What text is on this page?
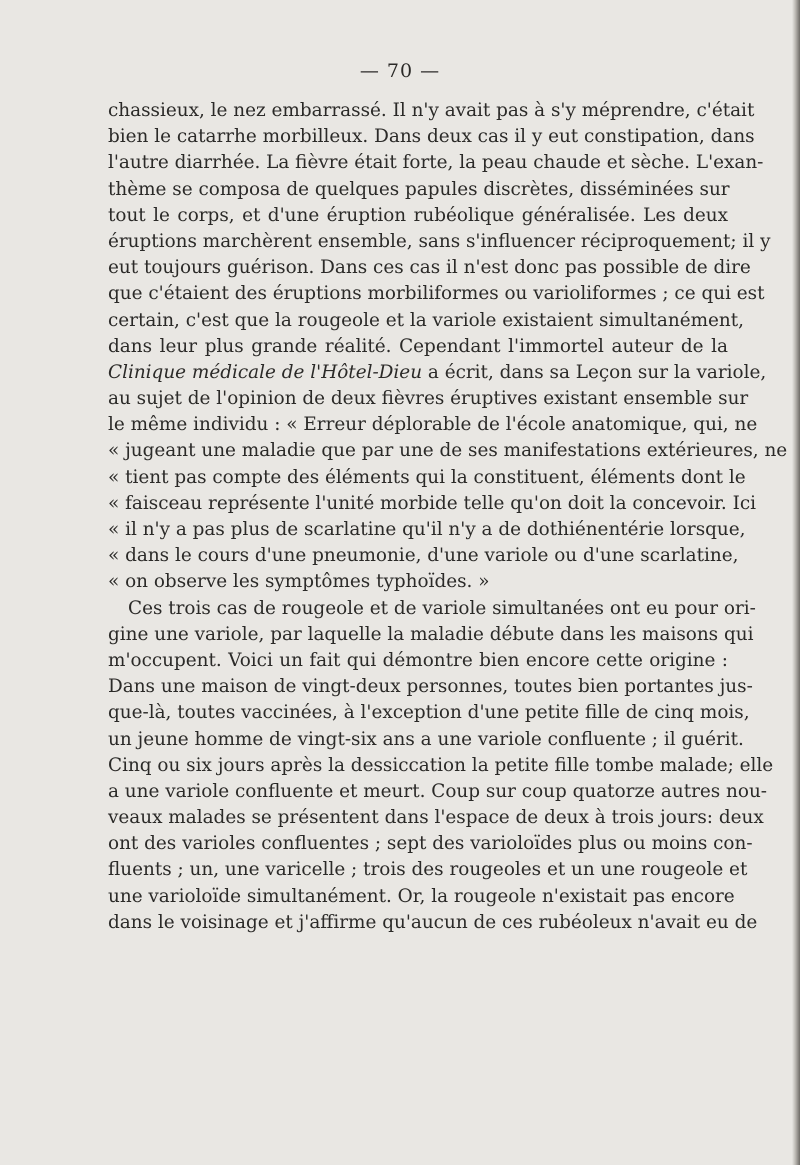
— 70 —
chassieux, le nez embarrassé. Il n'y avait pas à s'y méprendre, c'était
bien le catarrhe morbilleux. Dans deux cas il y eut constipation, dans
l'autre diarrhée. La fièvre était forte, la peau chaude et sèche. L'exan-
thème se composa de quelques papules discrètes, disséminées sur
tout le corps, et d'une éruption rubéolique généralisée. Les deux
éruptions marchèrent ensemble, sans s'influencer réciproquement; il y
eut toujours guérison. Dans ces cas il n'est donc pas possible de dire
que c'étaient des éruptions morbiliformes ou varioliformes ; ce qui est
certain, c'est que la rougeole et la variole existaient simultanément,
dans leur plus grande réalité. Cependant l'immortel auteur de la
Clinique médicale de l'Hôtel-Dieu a écrit, dans sa Leçon sur la variole,
au sujet de l'opinion de deux fièvres éruptives existant ensemble sur
le même individu : « Erreur déplorable de l'école anatomique, qui, ne
« jugeant une maladie que par une de ses manifestations extérieures, ne
« tient pas compte des éléments qui la constituent, éléments dont le
« faisceau représente l'unité morbide telle qu'on doit la concevoir. Ici
« il n'y a pas plus de scarlatine qu'il n'y a de dothiénentérie lorsque,
« dans le cours d'une pneumonie, d'une variole ou d'une scarlatine,
« on observe les symptômes typhoïdes. »
Ces trois cas de rougeole et de variole simultanées ont eu pour ori-
gine une variole, par laquelle la maladie débute dans les maisons qui
m'occupent. Voici un fait qui démontre bien encore cette origine :
Dans une maison de vingt-deux personnes, toutes bien portantes jus-
que-là, toutes vaccinées, à l'exception d'une petite fille de cinq mois,
un jeune homme de vingt-six ans a une variole confluente ; il guérit.
Cinq ou six jours après la dessiccation la petite fille tombe malade; elle
a une variole confluente et meurt. Coup sur coup quatorze autres nou-
veaux malades se présentent dans l'espace de deux à trois jours: deux
ont des varioles confluentes ; sept des varioloïdes plus ou moins con-
fluents ; un, une varicelle ; trois des rougeoles et un une rougeole et
une varioloïde simultanément. Or, la rougeole n'existait pas encore
dans le voisinage et j'affirme qu'aucun de ces rubéoleux n'avait eu de
